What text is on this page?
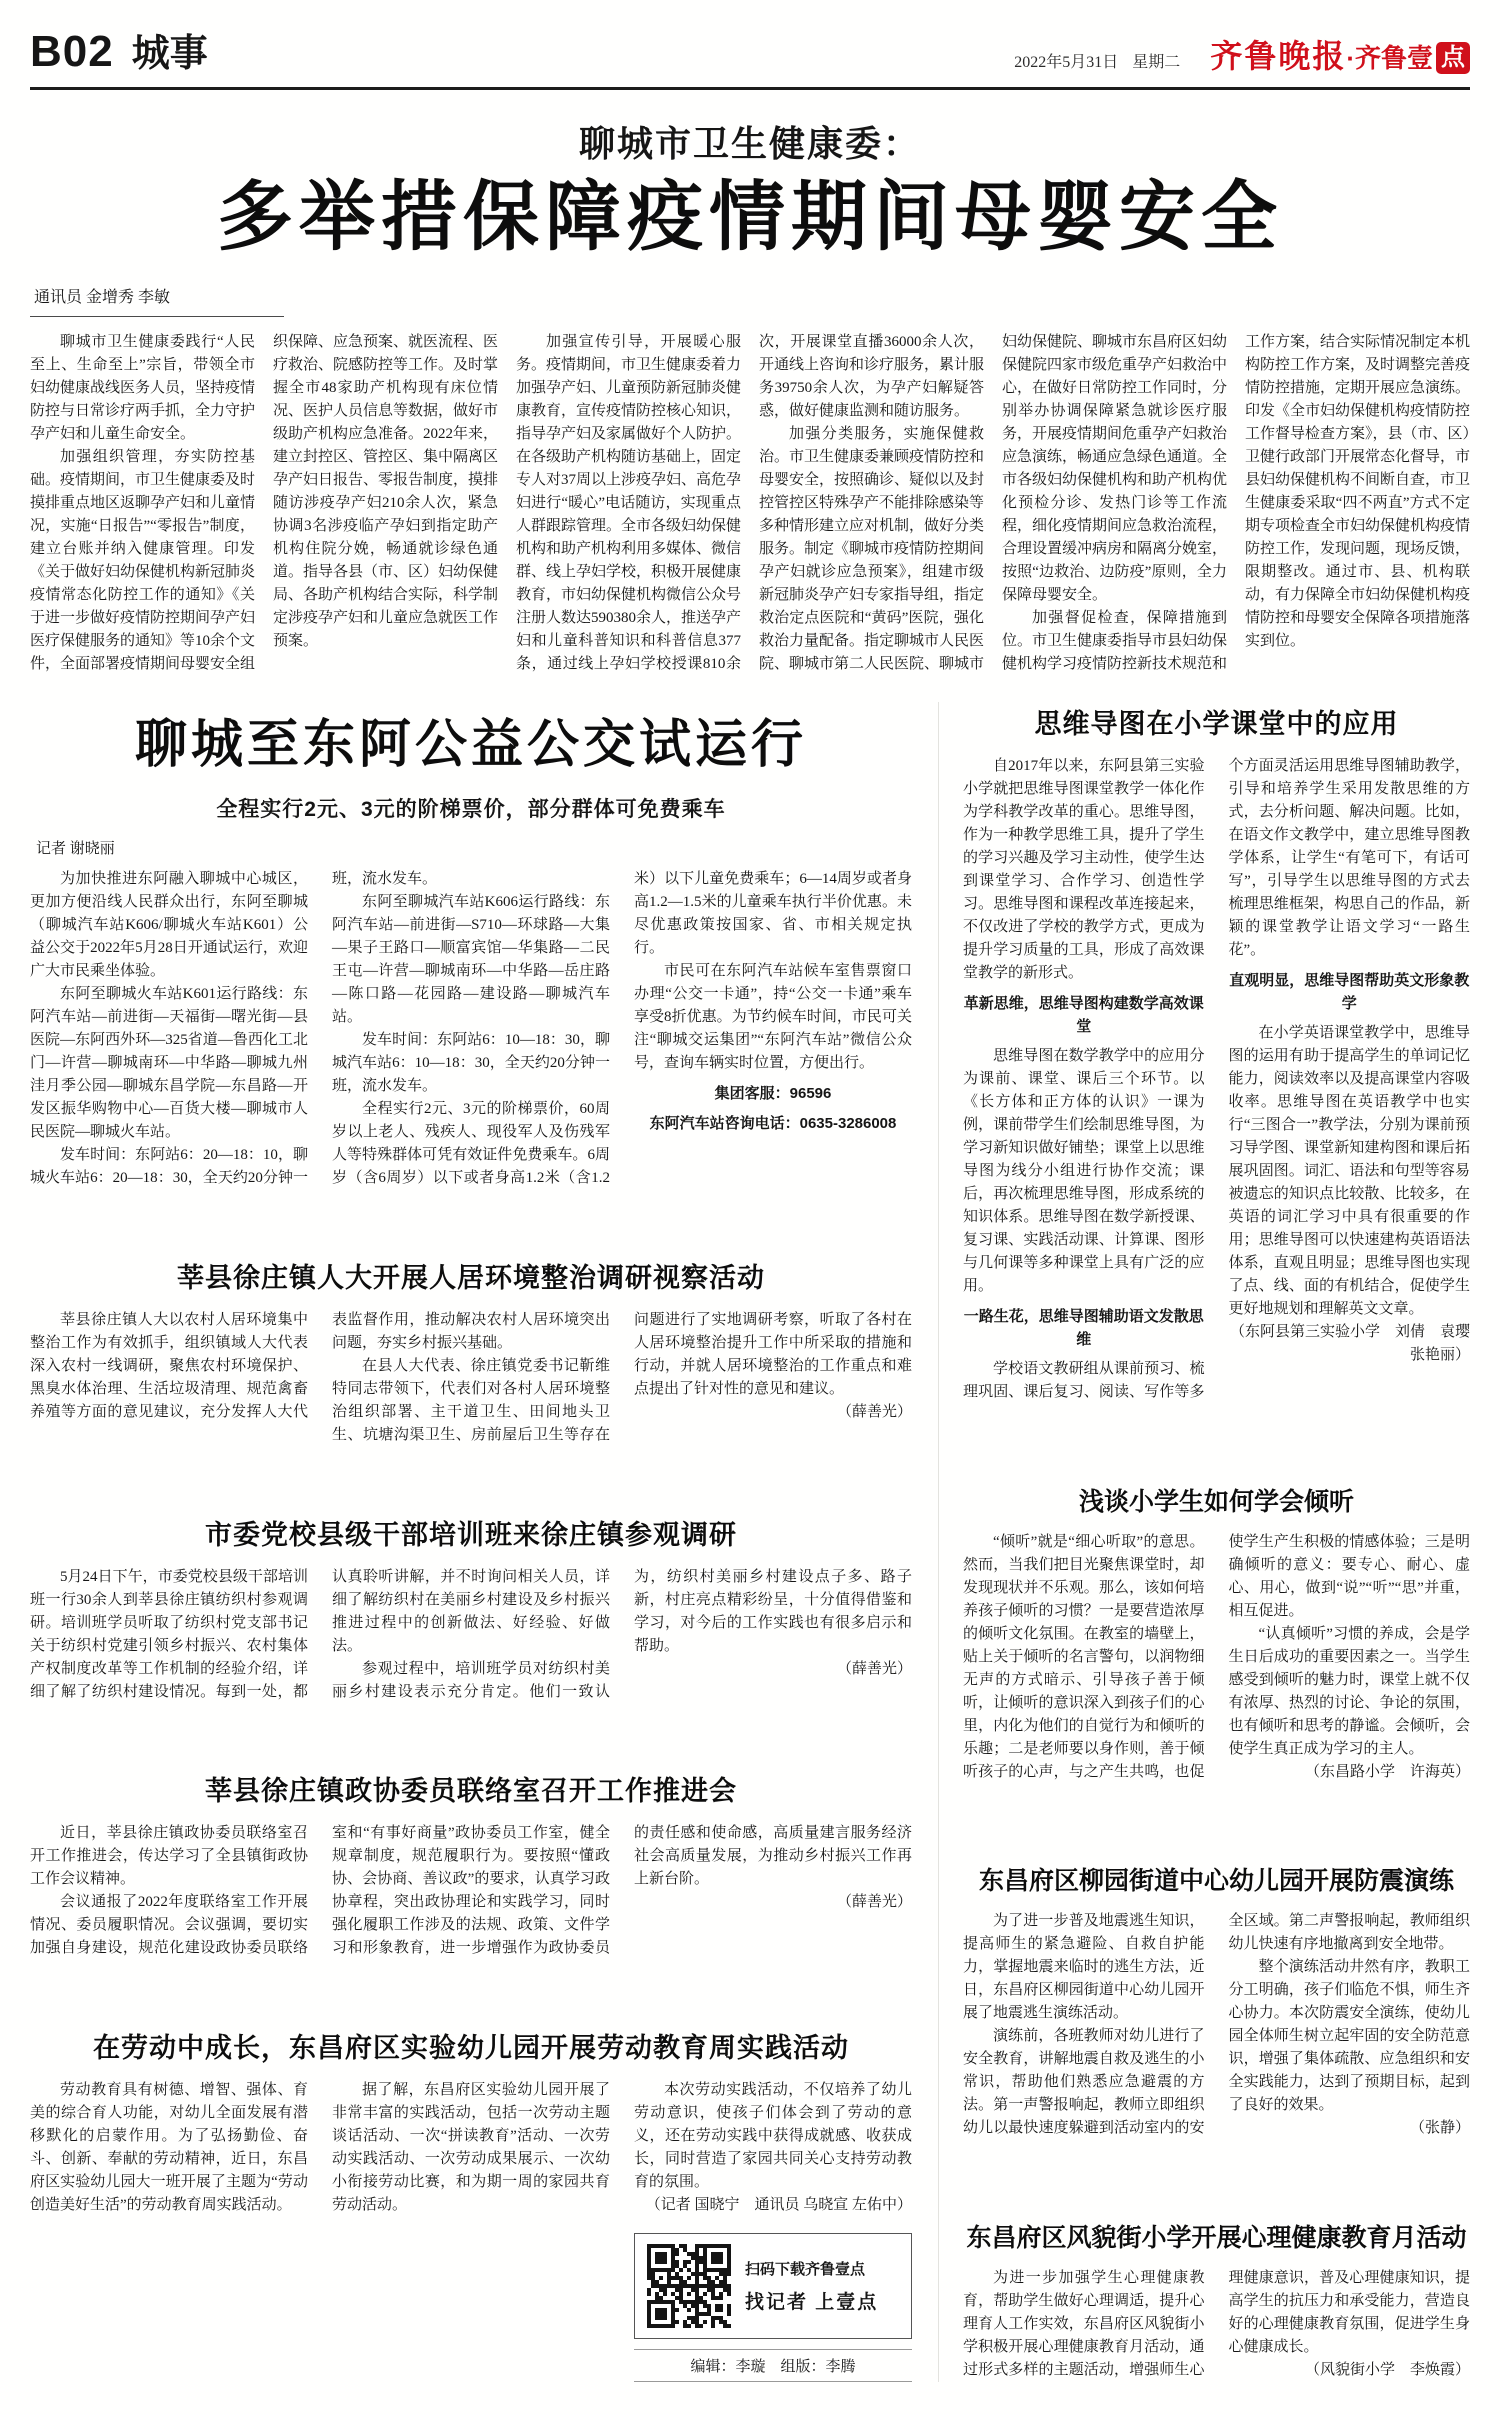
B02 城事	2022年5月31日 星期二 齐鲁晚报·齐鲁壹 点
聊城市卫生健康委：
多举措保障疫情期间母婴安全
通讯员 金增秀 李敏

聊城市卫生健康委践行“人民至上、生命至上”宗旨，带领全市妇幼健康战线医务人员，坚持疫情防控与日常诊疗两手抓，全力守护孕产妇和儿童生命安全。

加强组织管理，夯实防控基础。疫情期间，市卫生健康委及时摸排重点地区返聊孕产妇和儿童情况，实施“日报告”“零报告”制度，建立台账并纳入健康管理。印发《关于做好妇幼保健机构新冠肺炎疫情常态化防控工作的通知》《关于进一步做好疫情防控期间孕产妇医疗保健服务的通知》等10余个文件，全面部署疫情期间母婴安全组织保障、应急预案、就医流程、医疗救治、院感防控等工作。及时掌握全市48家助产机构现有床位情况、医护人员信息等数据，做好市级助产机构应急准备。2022年来，建立封控区、管控区、集中隔离区孕产妇日报告、零报告制度，摸排随访涉疫孕产妇210余人次，紧急协调3名涉疫临产孕妇到指定助产机构住院分娩，畅通就诊绿色通道。指导各县（市、区）妇幼保健局、各助产机构结合实际，科学制定涉疫孕产妇和儿童应急就医工作预案。

加强宣传引导，开展暖心服务。疫情期间，市卫生健康委着力加强孕产妇、儿童预防新冠肺炎健康教育，宣传疫情防控核心知识，指导孕产妇及家属做好个人防护。在各级助产机构随访基础上，固定专人对37周以上涉疫孕妇、高危孕妇进行“暖心”电话随访，实现重点人群跟踪管理。全市各级妇幼保健机构和助产机构利用多媒体、微信群、线上孕妇学校，积极开展健康教育，市妇幼保健机构微信公众号注册人数达590380余人，推送孕产妇和儿童科普知识和科普信息377条，通过线上孕妇学校授课810余次，开展课堂直播36000余人次，开通线上咨询和诊疗服务，累计服务39750余人次，为孕产妇解疑答惑，做好健康监测和随访服务。

加强分类服务，实施保健救治。市卫生健康委兼顾疫情防控和母婴安全，按照确诊、疑似以及封控管控区特殊孕产不能排除感染等多种情形建立应对机制，做好分类服务。制定《聊城市疫情防控期间孕产妇就诊应急预案》，组建市级新冠肺炎孕产妇专家指导组，指定救治定点医院和“黄码”医院，强化救治力量配备。指定聊城市人民医院、聊城市第二人民医院、聊城市妇幼保健院、聊城市东昌府区妇幼保健院四家市级危重孕产妇救治中心，在做好日常防控工作同时，分别举办协调保障紧急就诊医疗服务，开展疫情期间危重孕产妇救治应急演练，畅通应急绿色通道。全市各级妇幼保健机构和助产机构优化预检分诊、发热门诊等工作流程，细化疫情期间应急救治流程，合理设置缓冲病房和隔离分娩室，按照“边救治、边防疫”原则，全力保障母婴安全。

加强督促检查，保障措施到位。市卫生健康委指导市县妇幼保健机构学习疫情防控新技术规范和工作方案，结合实际情况制定本机构防控工作方案，及时调整完善疫情防控措施，定期开展应急演练。印发《全市妇幼保健机构疫情防控工作督导检查方案》，县（市、区）卫健行政部门开展常态化督导，市县妇幼保健机构不间断自查，市卫生健康委采取“四不两直”方式不定期专项检查全市妇幼保健机构疫情防控工作，发现问题，现场反馈，限期整改。通过市、县、机构联动，有力保障全市妇幼保健机构疫情防控和母婴安全保障各项措施落实到位。

聊城至东阿公益公交试运行
全程实行2元、3元的阶梯票价，部分群体可免费乘车
记者 谢晓丽

为加快推进东阿融入聊城中心城区，更加方便沿线人民群众出行，东阿至聊城（聊城汽车站K606/聊城火车站K601）公益公交于2022年5月28日开通试运行，欢迎广大市民乘坐体验。

东阿至聊城火车站K601运行路线：东阿汽车站—前进街—天福街—曙光街—县医院—东阿西外环—325省道—鲁西化工北门—许营—聊城南环—中华路—聊城九州洼月季公园—聊城东昌学院—东昌路—开发区振华购物中心—百货大楼—聊城市人民医院—聊城火车站。

发车时间：东阿站6：20—18：10，聊城火车站6：20—18：30，全天约20分钟一班，流水发车。

东阿至聊城汽车站K606运行路线：东阿汽车站—前进街—S710—环球路—大集—果子王路口—顺富宾馆—华集路—二民王屯—许营—聊城南环—中华路—岳庄路—陈口路—花园路—建设路—聊城汽车站。

发车时间：东阿站6：10—18：30，聊城汽车站6：10—18：30，全天约20分钟一班，流水发车。

全程实行2元、3元的阶梯票价，60周岁以上老人、残疾人、现役军人及伤残军人等特殊群体可凭有效证件免费乘车。6周岁（含6周岁）以下或者身高1.2米（含1.2米）以下儿童免费乘车；6—14周岁或者身高1.2—1.5米的儿童乘车执行半价优惠。未尽优惠政策按国家、省、市相关规定执行。

市民可在东阿汽车站候车室售票窗口办理“公交一卡通”，持“公交一卡通”乘车享受8折优惠。为节约候车时间，市民可关注“聊城交运集团”“东阿汽车站”微信公众号，查询车辆实时位置，方便出行。

集团客服：96596

东阿汽车站咨询电话：0635-3286008

莘县徐庄镇人大开展人居环境整治调研视察活动

莘县徐庄镇人大以农村人居环境集中整治工作为有效抓手，组织镇域人大代表深入农村一线调研，聚焦农村环境保护、黑臭水体治理、生活垃圾清理、规范禽畜养殖等方面的意见建议，充分发挥人大代表监督作用，推动解决农村人居环境突出问题，夯实乡村振兴基础。

在县人大代表、徐庄镇党委书记靳维特同志带领下，代表们对各村人居环境整治组织部署、主干道卫生、田间地头卫生、坑塘沟渠卫生、房前屋后卫生等存在问题进行了实地调研考察，听取了各村在人居环境整治提升工作中所采取的措施和行动，并就人居环境整治的工作重点和难点提出了针对性的意见和建议。

（薛善光）

市委党校县级干部培训班来徐庄镇参观调研

5月24日下午，市委党校县级干部培训班一行30余人到莘县徐庄镇纺织村参观调研。培训班学员听取了纺织村党支部书记关于纺织村党建引领乡村振兴、农村集体产权制度改革等工作机制的经验介绍，详细了解了纺织村建设情况。每到一处，都认真聆听讲解，并不时询问相关人员，详细了解纺织村在美丽乡村建设及乡村振兴推进过程中的创新做法、好经验、好做法。

参观过程中，培训班学员对纺织村美丽乡村建设表示充分肯定。他们一致认为，纺织村美丽乡村建设点子多、路子新，村庄亮点精彩纷呈，十分值得借鉴和学习，对今后的工作实践也有很多启示和帮助。

（薛善光）

莘县徐庄镇政协委员联络室召开工作推进会

近日，莘县徐庄镇政协委员联络室召开工作推进会，传达学习了全县镇街政协工作会议精神。

会议通报了2022年度联络室工作开展情况、委员履职情况。会议强调，要切实加强自身建设，规范化建设政协委员联络室和“有事好商量”政协委员工作室，健全规章制度，规范履职行为。要按照“懂政协、会协商、善议政”的要求，认真学习政协章程，突出政协理论和实践学习，同时强化履职工作涉及的法规、政策、文件学习和形象教育，进一步增强作为政协委员的责任感和使命感，高质量建言服务经济社会高质量发展，为推动乡村振兴工作再上新台阶。

（薛善光）

在劳动中成长，东昌府区实验幼儿园开展劳动教育周实践活动

劳动教育具有树德、增智、强体、育美的综合育人功能，对幼儿全面发展有潜移默化的启蒙作用。为了弘扬勤俭、奋斗、创新、奉献的劳动精神，近日，东昌府区实验幼儿园大一班开展了主题为“劳动创造美好生活”的劳动教育周实践活动。

据了解，东昌府区实验幼儿园开展了非常丰富的实践活动，包括一次劳动主题谈话活动、一次“拼读教育”活动、一次劳动实践活动、一次劳动成果展示、一次幼小衔接劳动比赛，和为期一周的家园共育劳动活动。

本次劳动实践活动，不仅培养了幼儿劳动意识，使孩子们体会到了劳动的意义，还在劳动实践中获得成就感、收获成长，同时营造了家园共同关心支持劳动教育的氛围。

（记者 国晓宁　通讯员 乌晓宣 左佑中）

扫码下载齐鲁壹点
找记者 上壹点
编辑：李璇　组版：李腾
思维导图在小学课堂中的应用

自2017年以来，东阿县第三实验小学就把思维导图课堂教学一体化作为学科教学改革的重心。思维导图，作为一种教学思维工具，提升了学生的学习兴趣及学习主动性，使学生达到课堂学习、合作学习、创造性学习。思维导图和课程改革连接起来，不仅改进了学校的教学方式，更成为提升学习质量的工具，形成了高效课堂教学的新形式。

革新思维，思维导图构建数学高效课堂

思维导图在数学教学中的应用分为课前、课堂、课后三个环节。以《长方体和正方体的认识》一课为例，课前带学生们绘制思维导图，为学习新知识做好铺垫；课堂上以思维导图为线分小组进行协作交流；课后，再次梳理思维导图，形成系统的知识体系。思维导图在数学新授课、复习课、实践活动课、计算课、图形与几何课等多种课堂上具有广泛的应用。

一路生花，思维导图辅助语文发散思维

学校语文教研组从课前预习、梳理巩固、课后复习、阅读、写作等多个方面灵活运用思维导图辅助教学，引导和培养学生采用发散思维的方式，去分析问题、解决问题。比如，在语文作文教学中，建立思维导图教学体系，让学生“有笔可下，有话可写”，引导学生以思维导图的方式去梳理思维框架，构思自己的作品，新颖的课堂教学让语文学习“一路生花”。

直观明显，思维导图帮助英文形象教学

在小学英语课堂教学中，思维导图的运用有助于提高学生的单词记忆能力，阅读效率以及提高课堂内容吸收率。思维导图在英语教学中也实行“三图合一”教学法，分别为课前预习导学图、课堂新知建构图和课后拓展巩固图。词汇、语法和句型等容易被遗忘的知识点比较散、比较多，在英语的词汇学习中具有很重要的作用；思维导图可以快速建构英语语法体系，直观且明显；思维导图也实现了点、线、面的有机结合，促使学生更好地规划和理解英文文章。

（东阿县第三实验小学　刘倩　袁璎　张艳丽）

浅谈小学生如何学会倾听

“倾听”就是“细心听取”的意思。然而，当我们把目光聚焦课堂时，却发现现状并不乐观。那么，该如何培养孩子倾听的习惯？一是要营造浓厚的倾听文化氛围。在教室的墙壁上，贴上关于倾听的名言警句，以润物细无声的方式暗示、引导孩子善于倾听，让倾听的意识深入到孩子们的心里，内化为他们的自觉行为和倾听的乐趣；二是老师要以身作则，善于倾听孩子的心声，与之产生共鸣，也促使学生产生积极的情感体验；三是明确倾听的意义：要专心、耐心、虚心、用心，做到“说”“听”“思”并重，相互促进。

“认真倾听”习惯的养成，会是学生日后成功的重要因素之一。当学生感受到倾听的魅力时，课堂上就不仅有浓厚、热烈的讨论、争论的氛围，也有倾听和思考的静谧。会倾听，会使学生真正成为学习的主人。

（东昌路小学　许海英）

东昌府区柳园街道中心幼儿园开展防震演练

为了进一步普及地震逃生知识，提高师生的紧急避险、自救自护能力，掌握地震来临时的逃生方法，近日，东昌府区柳园街道中心幼儿园开展了地震逃生演练活动。

演练前，各班教师对幼儿进行了安全教育，讲解地震自救及逃生的小常识，帮助他们熟悉应急避震的方法。第一声警报响起，教师立即组织幼儿以最快速度躲避到活动室内的安全区域。第二声警报响起，教师组织幼儿快速有序地撤离到安全地带。

整个演练活动井然有序，教职工分工明确，孩子们临危不惧，师生齐心协力。本次防震安全演练，使幼儿园全体师生树立起牢固的安全防范意识，增强了集体疏散、应急组织和安全实践能力，达到了预期目标，起到了良好的效果。

（张静）

东昌府区风貌街小学开展心理健康教育月活动

为进一步加强学生心理健康教育，帮助学生做好心理调适，提升心理育人工作实效，东昌府区风貌街小学积极开展心理健康教育月活动，通过形式多样的主题活动，增强师生心理健康意识，普及心理健康知识，提高学生的抗压力和承受能力，营造良好的心理健康教育氛围，促进学生身心健康成长。

（风貌街小学　李焕霞）
